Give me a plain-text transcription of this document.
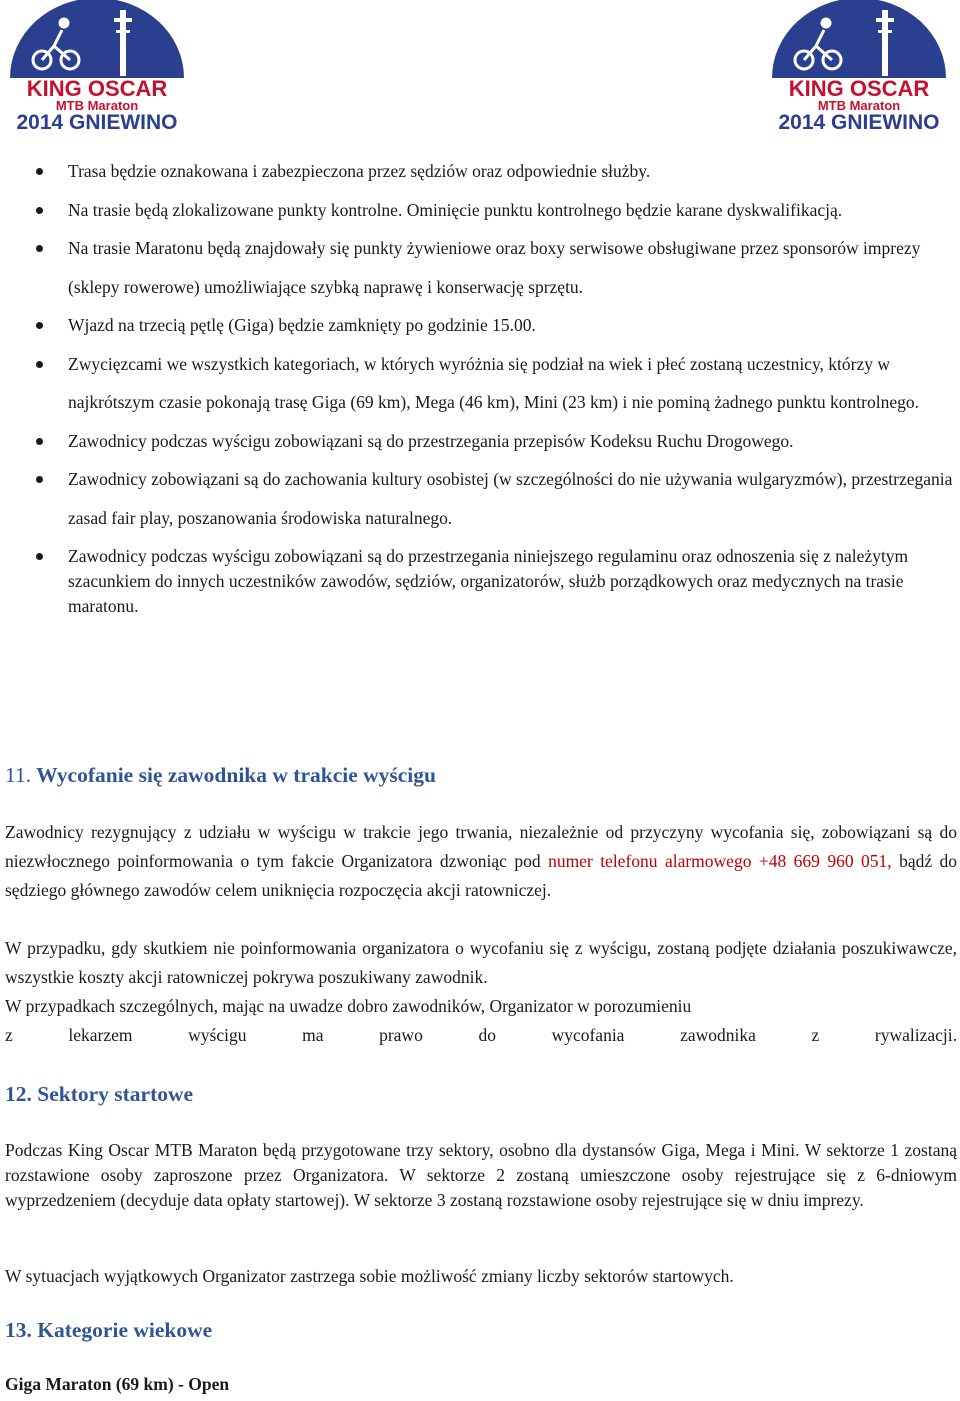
KING OSCAR
MTB Maraton
2014 GNIEWINO
KING OSCAR
MTB Maraton
2014 GNIEWINO
Trasa będzie oznakowana i zabezpieczona przez sędziów oraz odpowiednie służby.
Na trasie będą zlokalizowane punkty kontrolne. Ominięcie punktu kontrolnego będzie karane dyskwalifikacją.
Na trasie Maratonu będą znajdowały się punkty żywieniowe oraz boxy serwisowe obsługiwane przez sponsorów imprezy (sklepy rowerowe) umożliwiające szybką naprawę i konserwację sprzętu.
Wjazd na trzecią pętlę (Giga) będzie zamknięty po godzinie 15.00.
Zwycięzcami we wszystkich kategoriach, w których wyróżnia się podział na wiek i płeć zostaną uczestnicy, którzy w najkrótszym czasie pokonają trasę Giga (69 km), Mega (46 km), Mini (23 km) i nie pominą żadnego punktu kontrolnego.
Zawodnicy podczas wyścigu zobowiązani są do przestrzegania przepisów Kodeksu Ruchu Drogowego.
Zawodnicy zobowiązani są do zachowania kultury osobistej (w szczególności do nie używania wulgaryzmów), przestrzegania zasad fair play, poszanowania środowiska naturalnego.
Zawodnicy podczas wyścigu zobowiązani są do przestrzegania niniejszego regulaminu oraz odnoszenia się z należytym szacunkiem do innych uczestników zawodów, sędziów, organizatorów, służb porządkowych oraz medycznych na trasie maratonu.
11. Wycofanie się zawodnika w trakcie wyścigu

Zawodnicy rezygnujący z udziału w wyścigu w trakcie jego trwania, niezależnie od przyczyny wycofania się, zobowiązani są do niezwłocznego poinformowania o tym fakcie Organizatora dzwoniąc pod numer telefonu alarmowego +48 669 960 051, bądź do sędziego głównego zawodów celem uniknięcia rozpoczęcia akcji ratowniczej.

W przypadku, gdy skutkiem nie poinformowania organizatora o wycofaniu się z wyścigu, zostaną podjęte działania poszukiwawcze, wszystkie koszty akcji ratowniczej pokrywa poszukiwany zawodnik.

W przypadkach szczególnych, mając na uwadze dobro zawodników, Organizator w porozumieniu
z lekarzem wyścigu ma prawo do wycofania zawodnika z rywalizacji.

12. Sektory startowe

Podczas King Oscar MTB Maraton będą przygotowane trzy sektory, osobno dla dystansów Giga, Mega i Mini. W sektorze 1 zostaną rozstawione osoby zaproszone przez Organizatora. W sektorze 2 zostaną umieszczone osoby rejestrujące się z 6-dniowym wyprzedzeniem (decyduje data opłaty startowej). W sektorze 3 zostaną rozstawione osoby rejestrujące się w dniu imprezy.

W sytuacjach wyjątkowych Organizator zastrzega sobie możliwość zmiany liczby sektorów startowych.

13. Kategorie wiekowe

Giga Maraton (69 km) - Open
